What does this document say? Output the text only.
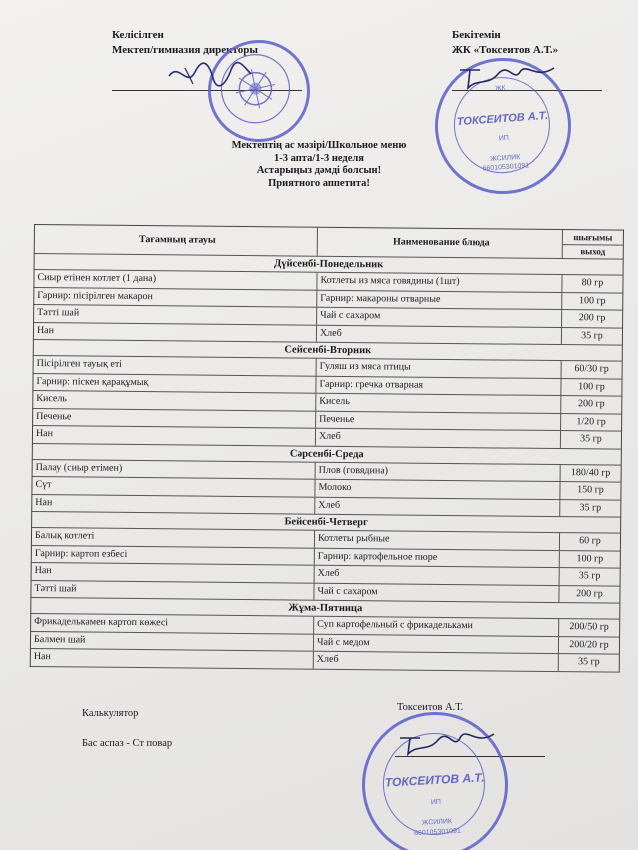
Келісілген
Мектеп/гимназия директоры
Бекітемін
ЖК «Токсеитов А.Т.»
ЖК
ТОКСЕИТОВ А.Т.
ИП
ЖСИЛИК
660105301091
Мектептің ас мәзірі/Школьное меню
1-3 апта/1-3 неделя
Астарыңыз дәмді болсын!
Приятного аппетита!
Тағамның атауы	Наименование блюда	шығымы
выход
Дүйсенбі-Понедельник
Сиыр етінен котлет (1 дана)	Котлеты из мяса говядины (1шт)	80 гр
Гарнир: пісірілген макарон	Гарнир: макароны отварные	100 гр
Тәтті шай	Чай с сахаром	200 гр
Нан	Хлеб	35 гр
Сейсенбі-Вторник
Пісірілген тауық еті	Гуляш из мяса птицы	60/30 гр
Гарнир: піскен қарақұмық	Гарнир: гречка отварная	100 гр
Кисель	Кисель	200 гр
Печенье	Печенье	1/20 гр
Нан	Хлеб	35 гр
Сәрсенбі-Среда
Палау (сиыр етімен)	Плов (говядина)	180/40 гр
Сүт	Молоко	150 гр
Нан	Хлеб	35 гр
Бейсенбі-Четверг
Балық котлеті	Котлеты рыбные	60 гр
Гарнир: картоп езбесі	Гарнир: картофельное пюре	100 гр
Нан	Хлеб	35 гр
Тәтті шай	Чай с сахаром	200 гр
Жұма-Пятница
Фрикаделькамен картоп көжесі	Суп картофельный с фрикадельками	200/50 гр
Балмен шай	Чай с медом	200/20 гр
Нан	Хлеб	35 гр
Калькулятор
Бас аспаз - Ст повар
Токсеитов А.Т.
ТОКСЕИТОВ А.Т.
ИП
ЖСИЛИК
660105301091
